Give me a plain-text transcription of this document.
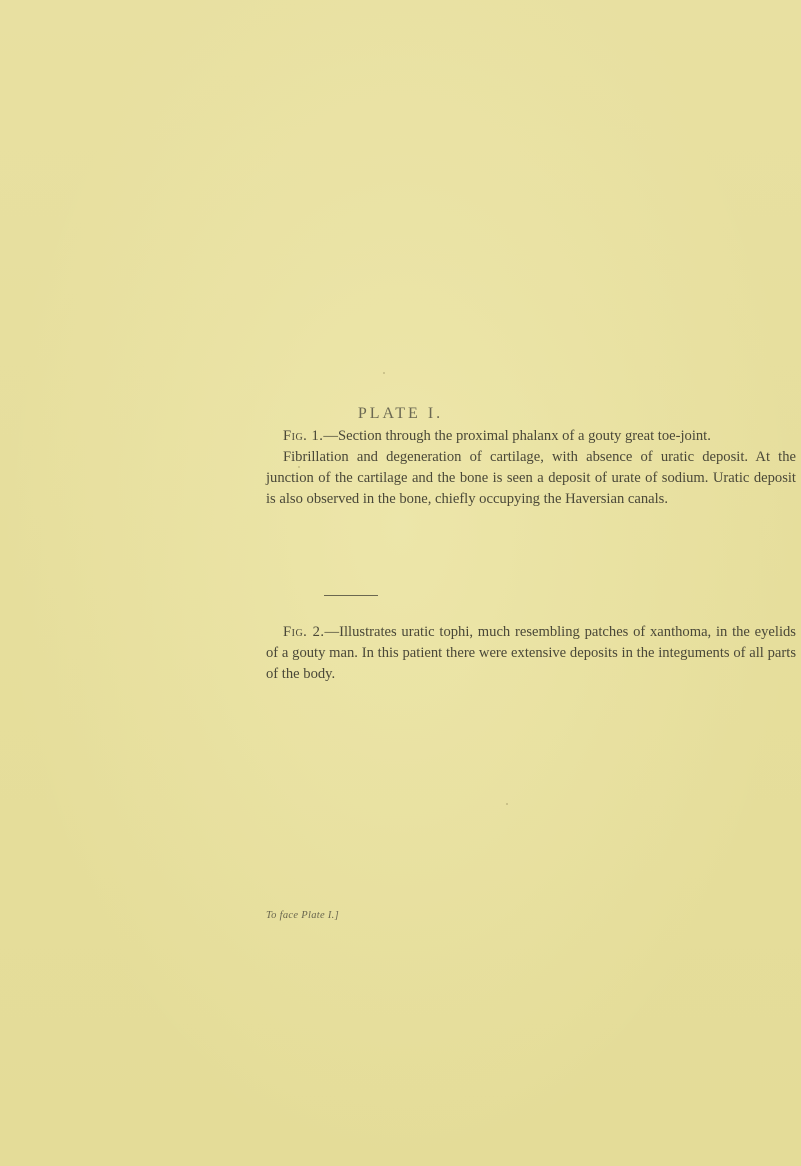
PLATE I.

Fig. 1.—Section through the proximal phalanx of a gouty great toe-joint.

Fibrillation and degeneration of cartilage, with absence of uratic deposit. At the junction of the cartilage and the bone is seen a deposit of urate of sodium. Uratic deposit is also observed in the bone, chiefly occupying the Haversian canals.

Fig. 2.—Illustrates uratic tophi, much resembling patches of xanthoma, in the eyelids of a gouty man. In this patient there were extensive deposits in the integuments of all parts of the body.

To face Plate I.]
